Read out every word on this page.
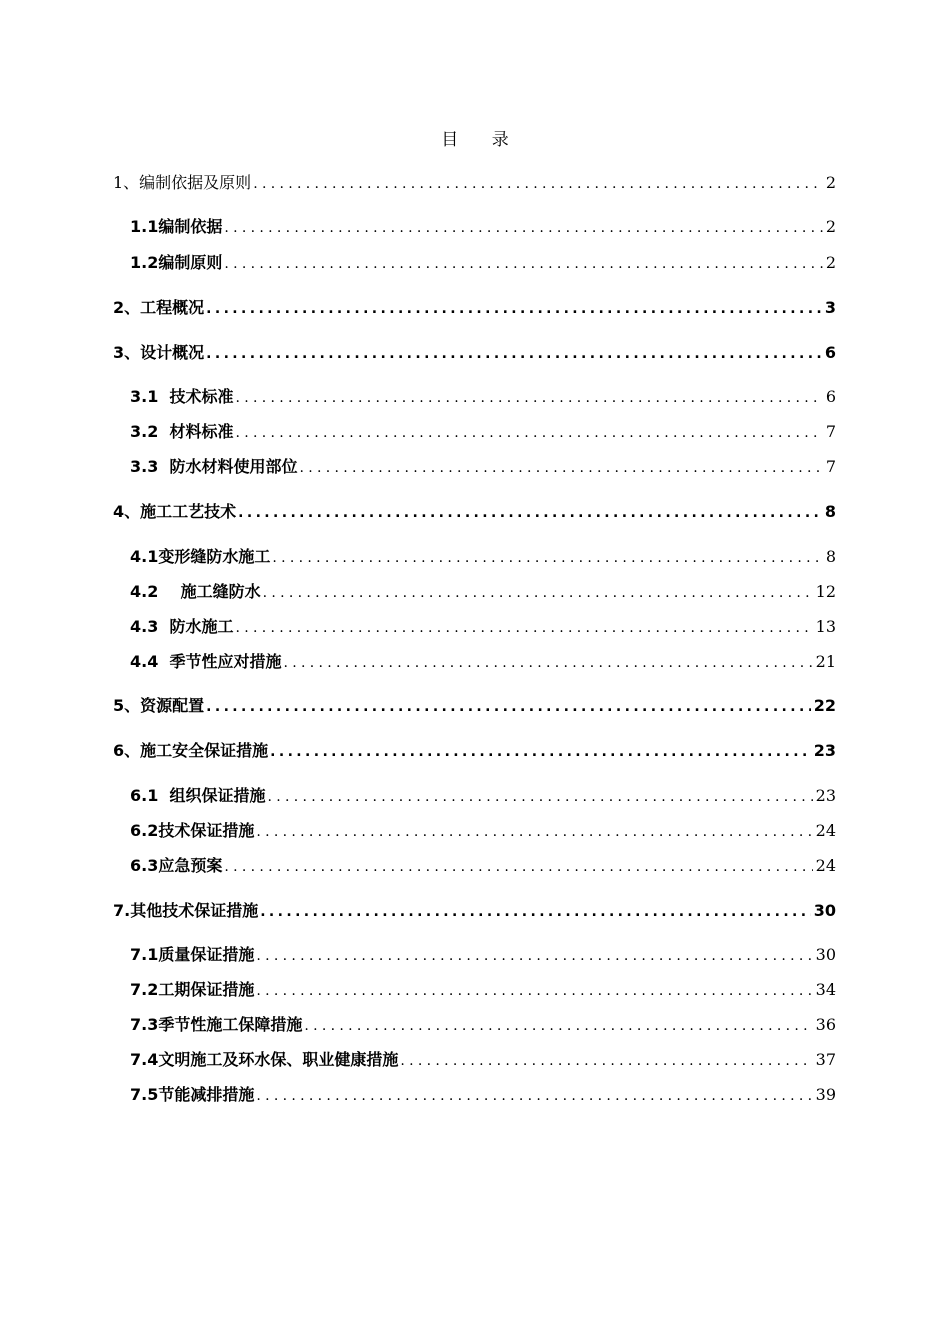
目 录
1、编制依据及原则 .....	2
1.1编制依据 .....	2
1.2编制原则 .....	2
2、工程概况 .....	3
3、设计概况 .....	6
3.1  技术标准 .....	6
3.2  材料标准 .....	7
3.3  防水材料使用部位 .....	7
4、施工工艺技术 .....	8
4.1变形缝防水施工 .....	8
4.2    施工缝防水 .....	12
4.3  防水施工 .....	13
4.4  季节性应对措施 .....	21
5、资源配置 .....	22
6、施工安全保证措施 .....	23
6.1  组织保证措施 .....	23
6.2技术保证措施 .....	24
6.3应急预案 .....	24
7.其他技术保证措施 .....	30
7.1质量保证措施 .....	30
7.2工期保证措施 .....	34
7.3季节性施工保障措施 .....	36
7.4文明施工及环水保、职业健康措施 .....	37
7.5节能减排措施 .....	39
